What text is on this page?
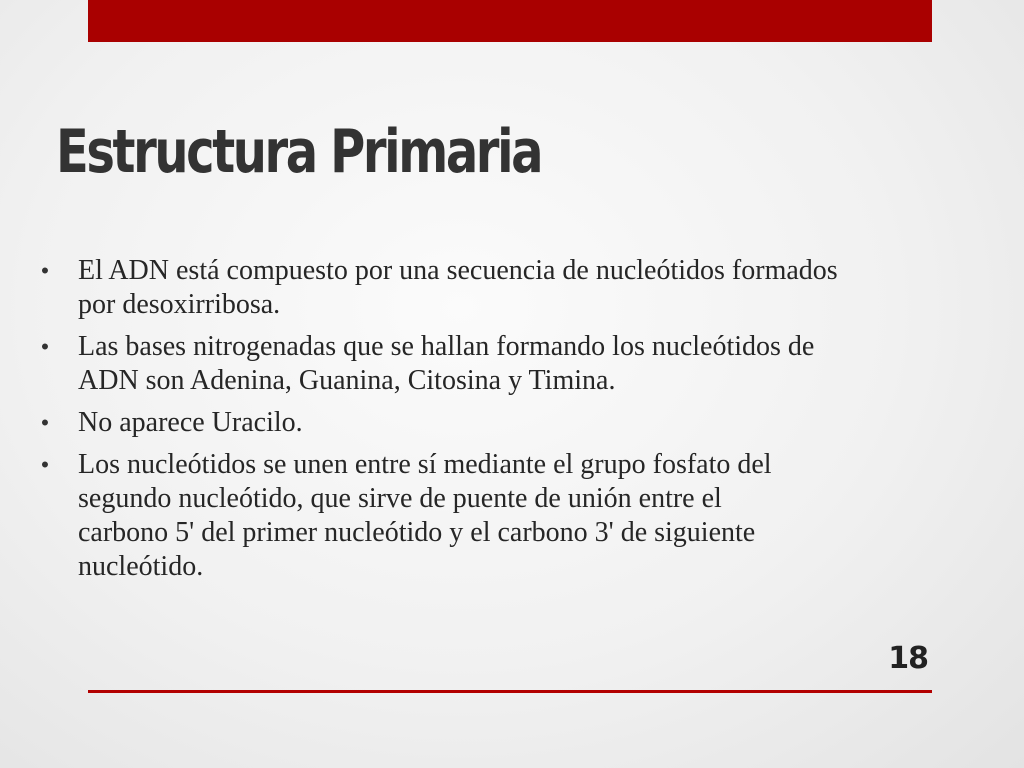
Estructura Primaria
•	El ADN está compuesto por una secuencia de nucleótidos formados por desoxirribosa.
•	Las bases nitrogenadas que se hallan formando los nucleótidos de ADN son Adenina, Guanina, Citosina y Timina.
•	No aparece Uracilo.
•	Los nucleótidos se unen entre sí mediante el grupo fosfato del segundo nucleótido, que sirve de puente de unión entre el carbono 5' del primer nucleótido y el carbono 3' de siguiente nucleótido.
18
